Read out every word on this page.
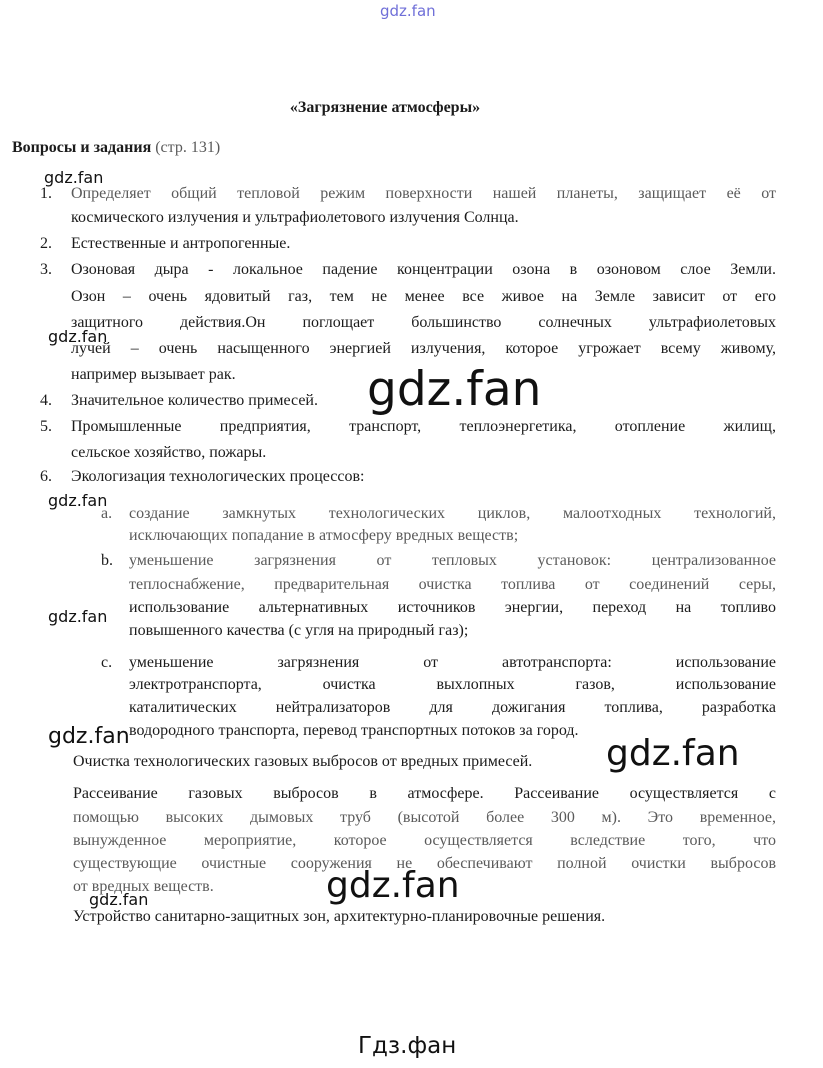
gdz.fan
«Загрязнение атмосферы»
Вопросы и задания (стр. 131)
gdz.fan
1. Определяет общий тепловой режим поверхности нашей планеты, защищает её от
космического излучения и ультрафиолетового излучения Солнца.
2. Естественные и антропогенные.
3. Озоновая дыра - локальное падение концентрации озона в озоновом слое Земли.
Озон – очень ядовитый газ, тем не менее все живое на Земле зависит от его
защитного действия.Он поглощает большинство солнечных ультрафиолетовых
gdz.fan
лучей – очень насыщенного энергией излучения, которое угрожает всему живому,
например вызывает рак.	gdz.fan
4. Значительное количество примесей.
5. Промышленные предприятия, транспорт, теплоэнергетика, отопление жилищ,
сельское хозяйство, пожары.
6. Экологизация технологических процессов:
gdz.fan
a. создание замкнутых технологических циклов, малоотходных технологий,
исключающих попадание в атмосферу вредных веществ;
b. уменьшение загрязнения от тепловых установок: централизованное
теплоснабжение, предварительная очистка топлива от соединений серы,
использование альтернативных источников энергии, переход на топливо
gdz.fan
повышенного качества (с угля на природный газ);
c. уменьшение загрязнения от автотранспорта: использование
электротранспорта, очистка выхлопных газов, использование
каталитических нейтрализаторов для дожигания топлива, разработка
водородного транспорта, перевод транспортных потоков за город.
gdz.fan
Очистка технологических газовых выбросов от вредных примесей. gdz.fan
Рассеивание газовых выбросов в атмосфере. Рассеивание осуществляется с
помощью высоких дымовых труб (высотой более 300 м). Это временное,
вынужденное мероприятие, которое осуществляется вследствие того, что
существующие очистные сооружения не обеспечивают полной очистки выбросов
от вредных веществ.	gdz.fan
gdz.fan
Устройство санитарно-защитных зон, архитектурно-планировочные решения.
Гдз.фан
